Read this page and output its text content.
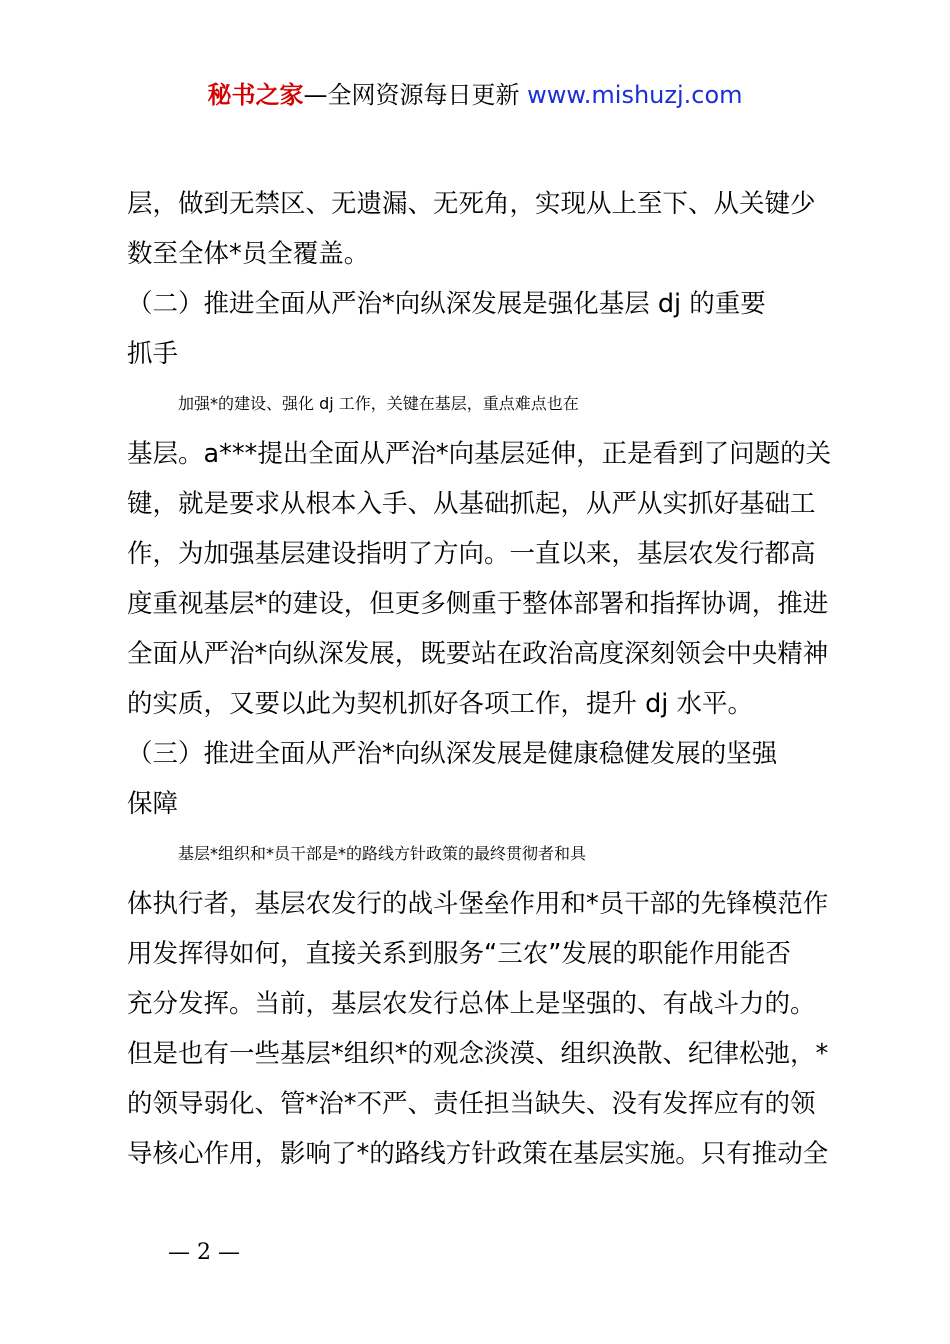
秘书之家—全网资源每日更新 www.mishuzj.com
层，做到无禁区、无遗漏、无死角，实现从上至下、从关键少
数至全体*员全覆盖。
（二）推进全面从严治*向纵深发展是强化基层 dj 的重要
抓手
加强*的建设、强化 dj 工作，关键在基层，重点难点也在
基层。a***提出全面从严治*向基层延伸，正是看到了问题的关
键，就是要求从根本入手、从基础抓起，从严从实抓好基础工
作，为加强基层建设指明了方向。一直以来，基层农发行都高
度重视基层*的建设，但更多侧重于整体部署和指挥协调，推进
全面从严治*向纵深发展，既要站在政治高度深刻领会中央精神
的实质，又要以此为契机抓好各项工作，提升 dj 水平。
（三）推进全面从严治*向纵深发展是健康稳健发展的坚强
保障
基层*组织和*员干部是*的路线方针政策的最终贯彻者和具
体执行者，基层农发行的战斗堡垒作用和*员干部的先锋模范作
用发挥得如何，直接关系到服务“三农”发展的职能作用能否
充分发挥。当前，基层农发行总体上是坚强的、有战斗力的。
但是也有一些基层*组织*的观念淡漠、组织涣散、纪律松弛，*
的领导弱化、管*治*不严、责任担当缺失、没有发挥应有的领
导核心作用，影响了*的路线方针政策在基层实施。只有推动全
— 2 —
